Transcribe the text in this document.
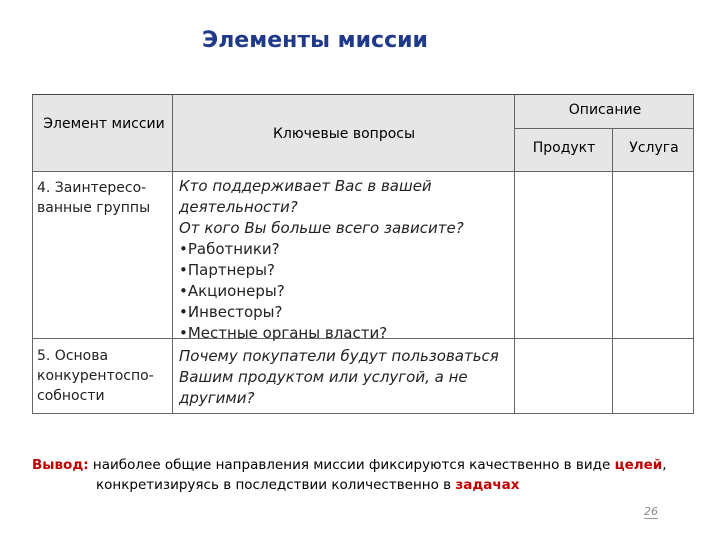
Элементы миссии
Элемент миссии
Ключевые вопросы
Описание
Продукт	Услуга
4. Заинтересо-ванные группы
Кто поддерживает Вас в вашей деятельности?
От кого Вы больше всего зависите?
•Работники?
•Партнеры?
•Акционеры?
•Инвесторы?
•Местные органы власти?
5. Основа конкурентоспо-собности
Почему покупатели будут пользоваться Вашим продуктом или услугой, а не другими?
Вывод: наиболее общие направления миссии фиксируются качественно в виде целей,
конкретизируясь в последствии количественно в задачах
26
